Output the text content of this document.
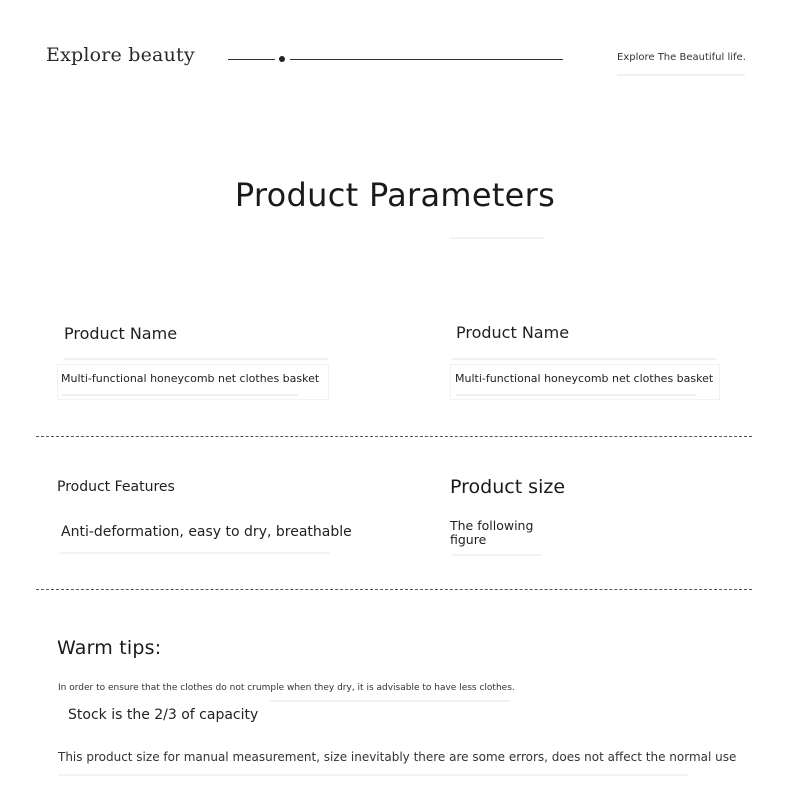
Explore beauty	Explore The Beautiful life.
Product Parameters
Product Name
Multi-functional honeycomb net clothes basket
Product Name
Multi-functional honeycomb net clothes basket
Product Features
Anti-deformation, easy to dry, breathable
Product size
The following figure
Warm tips:
In order to ensure that the clothes do not crumple when they dry, it is advisable to have less clothes.
Stock is the 2/3 of capacity
This product size for manual measurement, size inevitably there are some errors, does not affect the normal use
